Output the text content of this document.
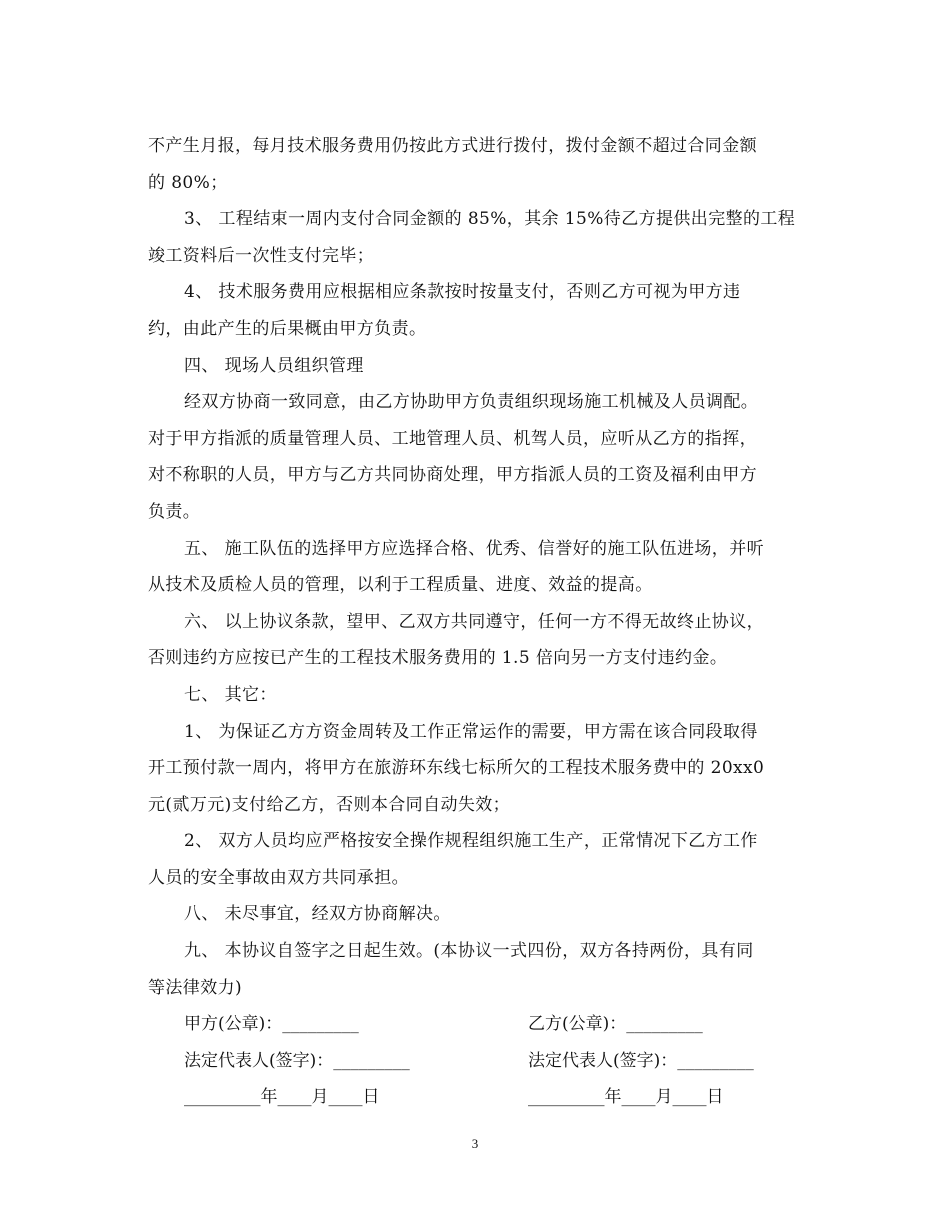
不产生月报，每月技术服务费用仍按此方式进行拨付，拨付金额不超过合同金额
的 80%；
3、 工程结束一周内支付合同金额的 85%，其余 15%待乙方提供出完整的工程
竣工资料后一次性支付完毕；
4、 技术服务费用应根据相应条款按时按量支付，否则乙方可视为甲方违
约，由此产生的后果概由甲方负责。
四、 现场人员组织管理
经双方协商一致同意，由乙方协助甲方负责组织现场施工机械及人员调配。
对于甲方指派的质量管理人员、工地管理人员、机驾人员，应听从乙方的指挥，
对不称职的人员，甲方与乙方共同协商处理，甲方指派人员的工资及福利由甲方
负责。
五、 施工队伍的选择甲方应选择合格、优秀、信誉好的施工队伍进场，并听
从技术及质检人员的管理，以利于工程质量、进度、效益的提高。
六、 以上协议条款，望甲、乙双方共同遵守，任何一方不得无故终止协议，
否则违约方应按已产生的工程技术服务费用的 1.5 倍向另一方支付违约金。
七、 其它：
1、 为保证乙方方资金周转及工作正常运作的需要，甲方需在该合同段取得
开工预付款一周内，将甲方在旅游环东线七标所欠的工程技术服务费中的 20xx0
元(贰万元)支付给乙方，否则本合同自动失效；
2、 双方人员均应严格按安全操作规程组织施工生产，正常情况下乙方工作
人员的安全事故由双方共同承担。
八、 未尽事宜，经双方协商解决。
九、 本协议自签字之日起生效。(本协议一式四份，双方各持两份，具有同
等法律效力)
甲方(公章)：_________	乙方(公章)：_________
法定代表人(签字)：_________	法定代表人(签字)：_________
_________年____月____日	_________年____月____日
3
